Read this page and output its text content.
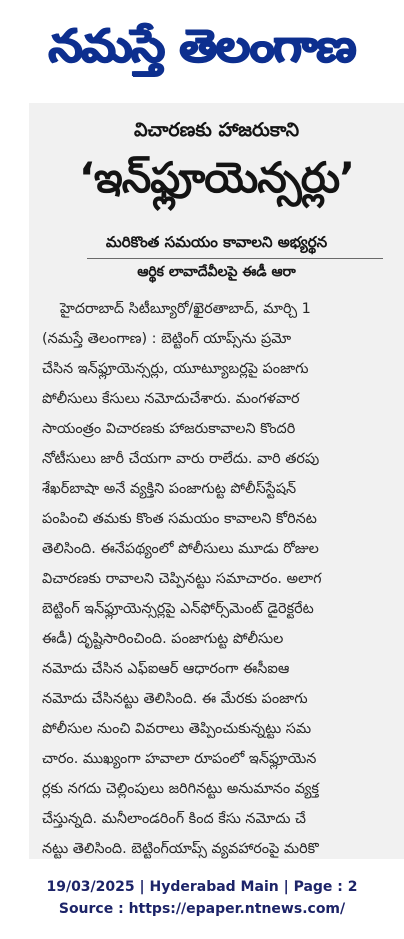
నమస్తే తెలంగాణ
విచారణకు హాజరుకాని
‘ఇన్‌ఫ్లూయెన్సర్లు’
మరికొంత సమయం కావాలని అభ్యర్థన
ఆర్థిక లావాదేవీలపై ఈడీ ఆరా
హైదరాబాద్ సిటీబ్యూరో/ఖైరతాబాద్, మార్చి 1
(నమస్తే తెలంగాణ) : బెట్టింగ్ యాప్స్‌ను ప్రమో
చేసిన ఇన్‌ఫ్లూయెన్సర్లు, యూట్యూబర్లపై పంజాగు
పోలీసులు కేసులు నమోదుచేశారు. మంగళవార
సాయంత్రం విచారణకు హాజరుకావాలని కొందరి
నోటీసులు జారీ చేయగా వారు రాలేదు. వారి తరపు
శేఖర్‌బాషా అనే వ్యక్తిని పంజాగుట్ట పోలీస్‌స్టేషన్
పంపించి తమకు కొంత సమయం కావాలని కోరినట
తెలిసింది. ఈనేపథ్యంలో పోలీసులు మూడు రోజుల
విచారణకు రావాలని చెప్పినట్టు సమాచారం. అలాగ
బెట్టింగ్ ఇన్‌ఫ్లూయెన్సర్లపై ఎన్‌ఫోర్స్‌మెంట్ డైరెక్టరేట
ఈడీ) దృష్టిసారించింది. పంజాగుట్ట పోలీసుల
నమోదు చేసిన ఎఫ్ఐఆర్ ఆధారంగా ఈసీఐఆ
నమోదు చేసినట్టు తెలిసింది. ఈ మేరకు పంజాగు
పోలీసుల నుంచి వివరాలు తెప్పించుకున్నట్టు సమ
చారం. ముఖ్యంగా హవాలా రూపంలో ఇన్‌ఫ్లూయెన
ర్లకు నగదు చెల్లింపులు జరిగినట్టు అనుమానం వ్యక్త
చేస్తున్నది. మనీలాండరింగ్ కింద కేసు నమోదు చే
నట్టు తెలిసింది. బెట్టింగ్‌యాప్స్ వ్యవహారంపై మరికొ
19/03/2025 | Hyderabad Main | Page : 2
Source : https://epaper.ntnews.com/
